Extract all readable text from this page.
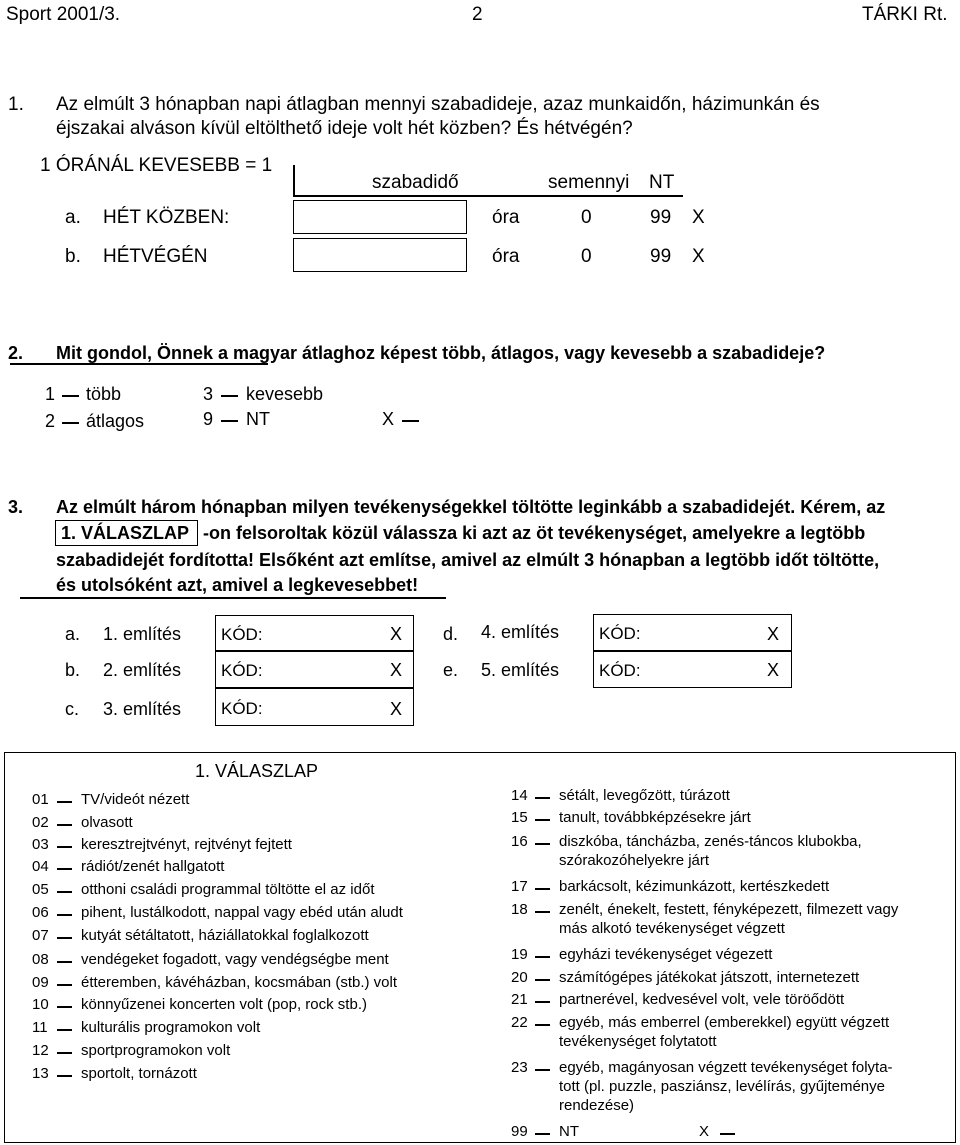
Sport 2001/3.	2	TÁRKI Rt.
1. Az elmúlt 3 hónapban napi átlagban mennyi szabadideje, azaz munkaidőn, házimunkán és
éjszakai alváson kívül eltölthető ideje volt hét közben? És hétvégén?
1 ÓRÁNÁL KEVESEBB = 1
szabadidő	semennyi NT
a. HÉT KÖZBEN:	óra	0	99 X
b. HÉTVÉGÉN	óra	0	99 X
2. Mit gondol, Önnek a magyar átlaghoz képest több, átlagos, vagy kevesebb a szabadideje?
1 több
2 átlagos
3 kevesebb
9 NT	X
3. Az elmúlt három hónapban milyen tevékenységekkel töltötte leginkább a szabadidejét. Kérem, az
1. VÁLASZLAP -on felsoroltak közül válassza ki azt az öt tevékenységet, amelyekre a legtöbb
szabadidejét fordította! Elsőként azt említse, amivel az elmúlt 3 hónapban a legtöbb időt töltötte,
és utolsóként azt, amivel a legkevesebbet!
a. 1. említés KÓD:	X
b. 2. említés KÓD:	X
c. 3. említés KÓD:	X
d. 4. említés KÓD:	X
e. 5. említés KÓD:	X
1. VÁLASZLAP
01 TV/videót nézett
02 olvasott
03 keresztrejtvényt, rejtvényt fejtett
04 rádiót/zenét hallgatott
05 otthoni családi programmal töltötte el az időt
06 pihent, lustálkodott, nappal vagy ebéd után aludt
07 kutyát sétáltatott, háziállatokkal foglalkozott
08 vendégeket fogadott, vagy vendégségbe ment
09 étteremben, kávéházban, kocsmában (stb.) volt
10 könnyűzenei koncerten volt (pop, rock stb.)
11 kulturális programokon volt
12 sportprogramokon volt
13 sportolt, tornázott
14 sétált, levegőzött, túrázott
15 tanult, továbbképzésekre járt
16 diszkóba, táncházba, zenés-táncos klubokba,
szórakozóhelyekre járt
17 barkácsolt, kézimunkázott, kertészkedett
18 zenélt, énekelt, festett, fényképezett, filmezett vagy
más alkotó tevékenységet végzett
19 egyházi tevékenységet végezett
20 számítógépes játékokat játszott, internetezett
21 partnerével, kedvesével volt, vele töröődött
22 egyéb, más emberrel (emberekkel) együtt végzett
tevékenységet folytatott
23 egyéb, magányosan végzett tevékenységet folyta-
tott (pl. puzzle, pasziánsz, levélírás, gyűjteménye
rendezése)
99 NT	X
